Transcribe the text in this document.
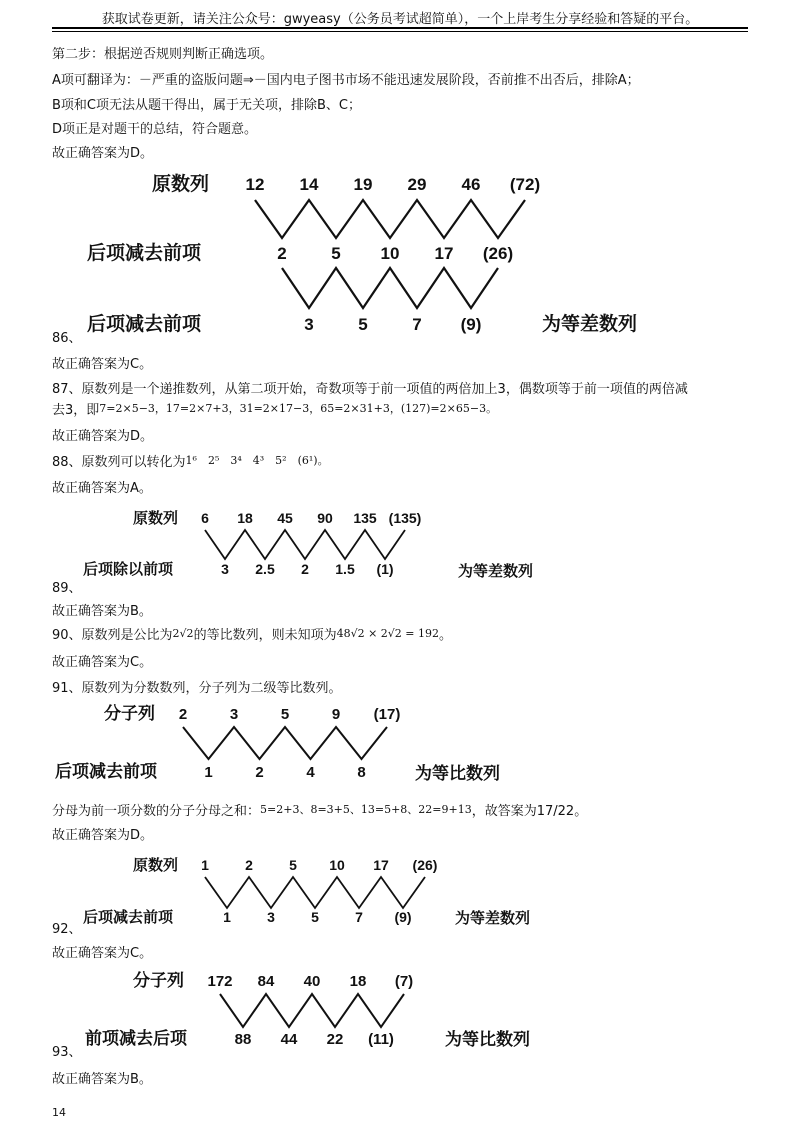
获取试卷更新，请关注公众号：gwyeasy（公务员考试超简单），一个上岸考生分享经验和答疑的平台。
第二步：根据逆否规则判断正确选项。
A项可翻译为：－严重的盗版问题⇒－国内电子图书市场不能迅速发展阶段，否前推不出否后，排除A；
B项和C项无法从题干得出，属于无关项，排除B、C；
D项正是对题干的总结，符合题意。
故正确答案为D。
原数列
后项减去前项
后项减去前项	为等差数列
12 14 19 29 46 (72)
2	5 10 17 (26)
3	5	7 (9)
86、
故正确答案为C。
87、原数列是一个递推数列，从第二项开始，奇数项等于前一项值的两倍加上3，偶数项等于前一项值的两倍减
去3，即7=2×5−3，17=2×7+3，31=2×17−3，65=2×31+3，(127)=2×65−3。
故正确答案为D。
88、原数列可以转化为1⁶　2⁵　3⁴　4³　5²　(6¹)。
故正确答案为A。
原数列
后项除以前项	为等差数列
6 18 45 90 135 (135)
3 2.5 2 1.5 (1)
89、
故正确答案为B。
90、原数列是公比为2√2的等比数列，则未知项为48√2 × 2√2 = 192。
故正确答案为C。
91、原数列为分数数列，分子列为二级等比数列。
分子列
后项减去前项	为等比数列
2	3	5	9 (17)
1	2	4	8
分母为前一项分数的分子分母之和：5=2+3、8=3+5、13=5+8、22=9+13，故答案为17/22。
故正确答案为D。
原数列
后项减去前项	为等差数列
1	2	5 10 17 (26)
1	3	5	7 (9)
92、
故正确答案为C。
分子列
前项减去后项	为等比数列
172 84 40 18 (7)
88 44 22 (11)
93、
故正确答案为B。
14
